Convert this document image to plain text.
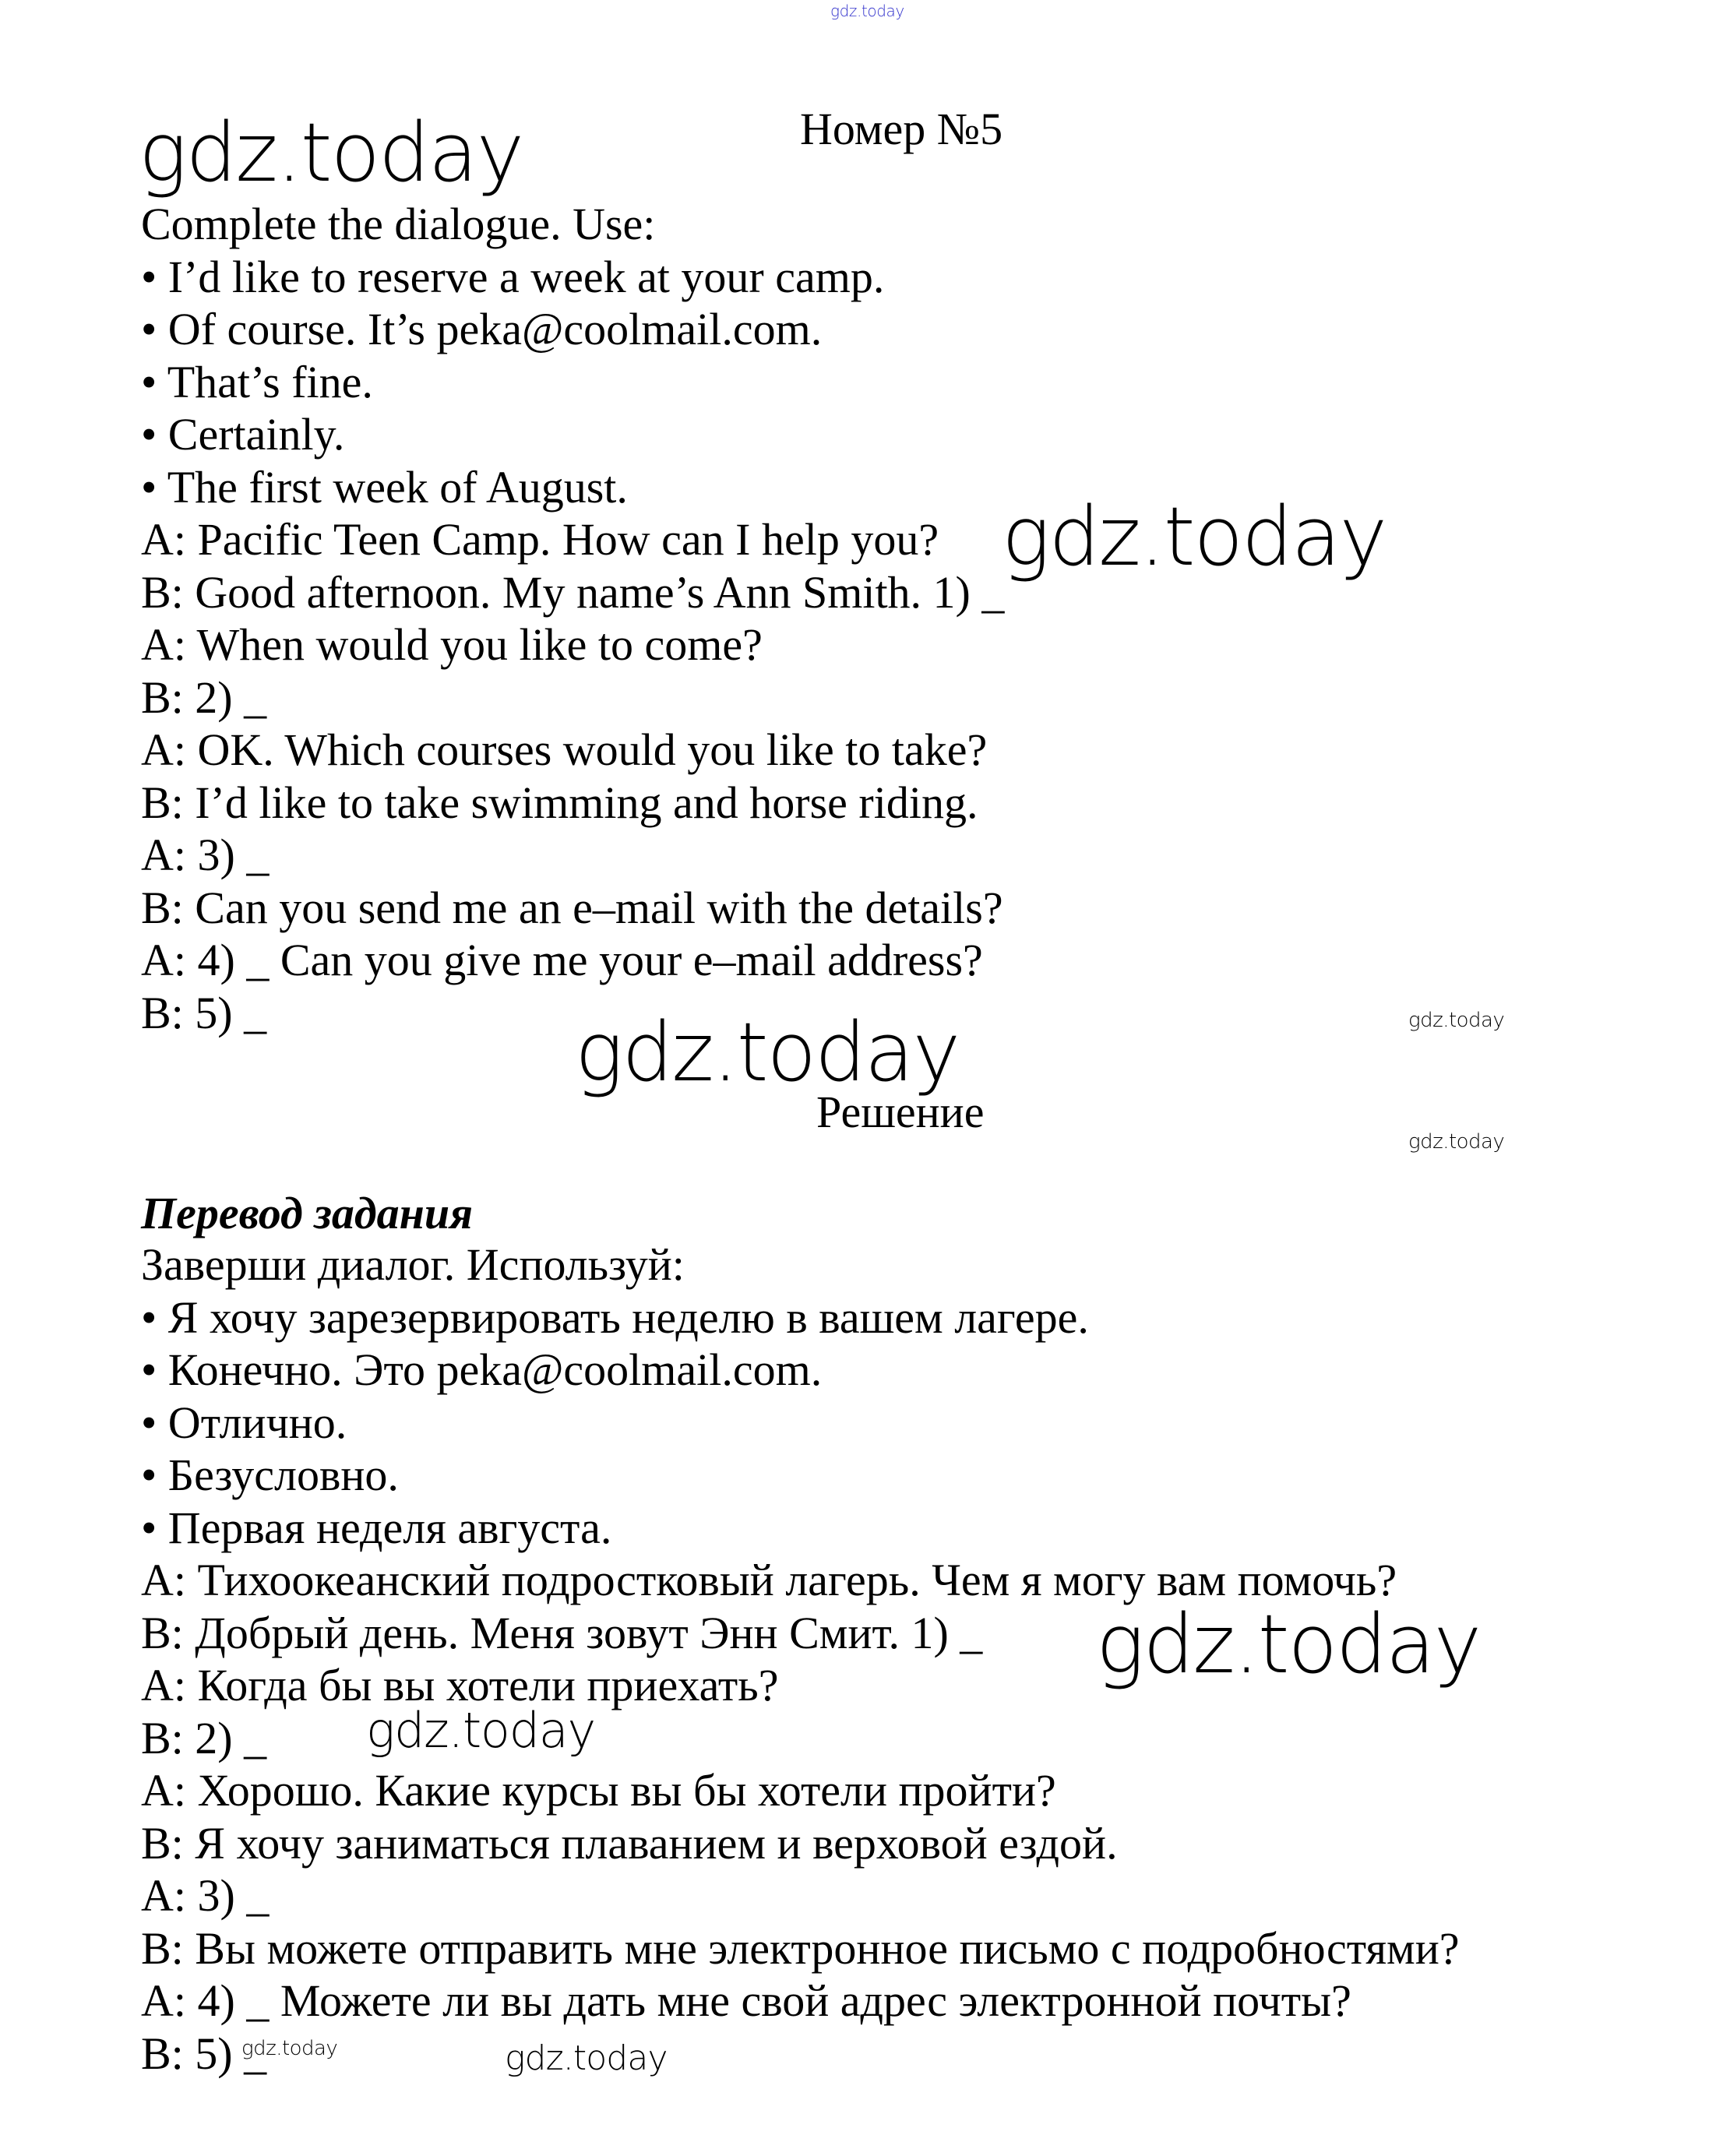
gdz.today
Номер №5
gdz.today
Complete the dialogue. Use:
• I’d like to reserve a week at your camp.
• Of course. It’s peka@coolmail.com.
• That’s fine.
• Certainly.
• The first week of August.
A: Pacific Teen Camp. How can I help you?
B: Good afternoon. My name’s Ann Smith. 1) _
A: When would you like to come?
B: 2) _
A: OK. Which courses would you like to take?
B: I’d like to take swimming and horse riding.
A: 3) _
B: Can you send me an e–mail with the details?
A: 4) _ Can you give me your e–mail address?
B: 5) _
gdz.today
gdz.today
gdz.today
Решение
gdz.today
Перевод задания
Заверши диалог. Используй:
• Я хочу зарезервировать неделю в вашем лагере.
• Конечно. Это peka@coolmail.com.
• Отлично.
• Безусловно.
• Первая неделя августа.
A: Тихоокеанский подростковый лагерь. Чем я могу вам помочь?
B: Добрый день. Меня зовут Энн Смит. 1) _
A: Когда бы вы хотели приехать?
B: 2) _
A: Хорошо. Какие курсы вы бы хотели пройти?
B: Я хочу заниматься плаванием и верховой ездой.
A: 3) _
B: Вы можете отправить мне электронное письмо с подробностями?
A: 4) _ Можете ли вы дать мне свой адрес электронной почты?
B: 5) _
gdz.today
gdz.today
gdz.today	gdz.today
